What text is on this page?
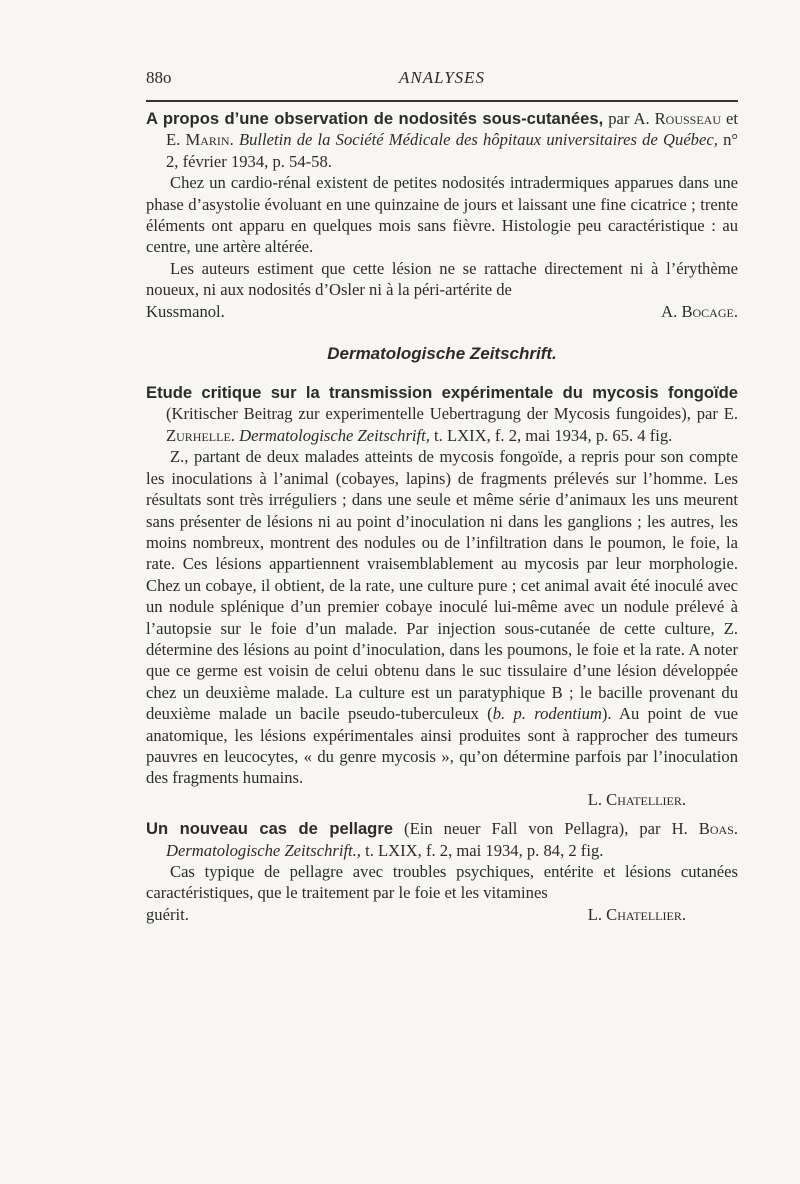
88o	ANALYSES

A propos d’une observation de nodosités sous-cutanées, par A. Rousseau et E. Marin. Bulletin de la Société Médicale des hôpitaux universitaires de Québec, n° 2, février 1934, p. 54-58.

Chez un cardio-rénal existent de petites nodosités intradermiques apparues dans une phase d’asystolie évoluant en une quinzaine de jours et laissant une fine cicatrice ; trente éléments ont apparu en quelques mois sans fièvre. Histologie peu caractéristique : au centre, une artère altérée.

Les auteurs estiment que cette lésion ne se rattache directement ni à l’érythème noueux, ni aux nodosités d’Osler ni à la péri-artérite de

Kussmanol.	A. Bocage.
Dermatologische Zeitschrift.

Etude critique sur la transmission expérimentale du mycosis fongoïde (Kritischer Beitrag zur experimentelle Uebertragung der Mycosis fungoides), par E. Zurhelle. Dermatologische Zeitschrift, t. LXIX, f. 2, mai 1934, p. 65. 4 fig.

Z., partant de deux malades atteints de mycosis fongoïde, a repris pour son compte les inoculations à l’animal (cobayes, lapins) de fragments prélevés sur l’homme. Les résultats sont très irréguliers ; dans une seule et même série d’animaux les uns meurent sans présenter de lésions ni au point d’inoculation ni dans les ganglions ; les autres, les moins nombreux, montrent des nodules ou de l’infiltration dans le poumon, le foie, la rate. Ces lésions appartiennent vraisemblablement au mycosis par leur morphologie. Chez un cobaye, il obtient, de la rate, une culture pure ; cet animal avait été inoculé avec un nodule splénique d’un premier cobaye inoculé lui-même avec un nodule prélevé à l’autopsie sur le foie d’un malade. Par injection sous-cutanée de cette culture, Z. détermine des lésions au point d’inoculation, dans les poumons, le foie et la rate. A noter que ce germe est voisin de celui obtenu dans le suc tissulaire d’une lésion développée chez un deuxième malade. La culture est un paratyphique B ; le bacille provenant du deuxième malade un bacile pseudo-tuberculeux (b. p. rodentium). Au point de vue anatomique, les lésions expérimentales ainsi produites sont à rapprocher des tumeurs pauvres en leucocytes, « du genre mycosis », qu’on détermine parfois par l’inoculation des fragments humains.

L. Chatellier.

Un nouveau cas de pellagre (Ein neuer Fall von Pellagra), par H. Boas. Dermatologische Zeitschrift., t. LXIX, f. 2, mai 1934, p. 84, 2 fig.

Cas typique de pellagre avec troubles psychiques, entérite et lésions cutanées caractéristiques, que le traitement par le foie et les vitamines

guérit.	L. Chatellier.
